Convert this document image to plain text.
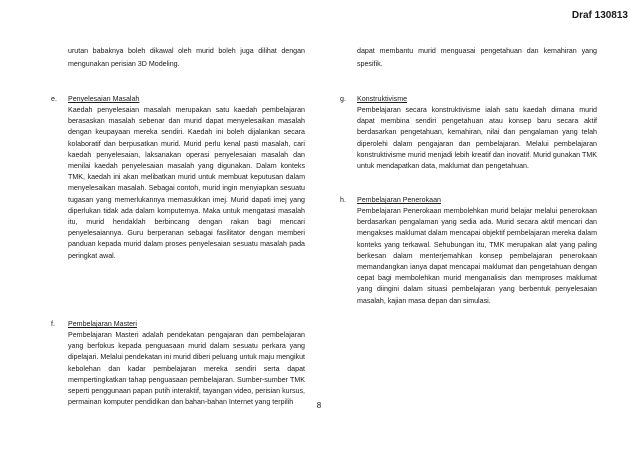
Draf 130813

urutan babaknya boleh dikawal oleh murid boleh juga dilihat dengan mengunakan perisian 3D Modeling.

dapat membantu murid menguasai pengetahuan dan kemahiran yang spesifik.

e. Penyelesaian Masalah
Kaedah penyelesaian masalah merupakan satu kaedah pembelajaran berasaskan masalah sebenar dan murid dapat menyelesaikan masalah dengan keupayaan mereka sendiri. Kaedah ini boleh dijalankan secara kolaboratif dan berpusatkan murid. Murid perlu kenal pasti masalah, cari kaedah penyelesaian, laksanakan operasi penyelesaian masalah dan menilai kaedah penyelesaian masalah yang digunakan. Dalam konteks TMK, kaedah ini akan melibatkan murid untuk membuat keputusan dalam menyelesaikan masalah. Sebagai contoh, murid ingin menyiapkan sesuatu tugasan yang memerlukannya memasukkan imej. Murid dapati imej yang diperlukan tidak ada dalam komputernya. Maka untuk mengatasi masalah itu, murid hendaklah berbincang dengan rakan bagi mencari penyelesaiannya. Guru berperanan sebagai fasilitator dengan memberi panduan kepada murid dalam proses penyelesaian sesuatu masalah pada peringkat awal.
f. Pembelajaran Masteri
Pembelajaran Masteri adalah pendekatan pengajaran dan pembelajaran yang berfokus kepada penguasaan murid dalam sesuatu perkara yang dipelajari. Melalui pendekatan ini murid diberi peluang untuk maju mengikut kebolehan dan kadar pembelajaran mereka sendiri serta dapat mempertingkatkan tahap penguasaan pembelajaran. Sumber-sumber TMK seperti penggunaan papan putih interaktif, tayangan video, perisian kursus, permainan komputer pendidikan dan bahan-bahan Internet yang terpilih
g. Konstruktivisme
Pembelajaran secara konstruktivisme ialah satu kaedah dimana murid dapat membina sendiri pengetahuan atau konsep baru secara aktif berdasarkan pengetahuan, kemahiran, nilai dan pengalaman yang telah diperolehi dalam pengajaran dan pembelajaran. Melalui pembelajaran konstruktivisme murid menjadi lebih kreatif dan inovatif. Murid gunakan TMK untuk mendapatkan data, maklumat dan pengetahuan.
h. Pembelajaran Penerokaan
Pembelajaran Penerokaan membolehkan murid belajar melalui penerokaan berdasarkan pengalaman yang sedia ada. Murid secara aktif mencari dan mengakses maklumat dalam mencapai objektif pembelajaran mereka dalam konteks yang terkawal. Sehubungan itu, TMK merupakan alat yang paling berkesan dalam menterjemahkan konsep pembelajaran penerokaan memandangkan ianya dapat mencapai maklumat dan pengetahuan dengan cepat bagi membolehkan murid menganalisis dan memproses maklumat yang diingini dalam situasi pembelajaran yang berbentuk penyelesaian masalah, kajian masa depan dan simulasi.
8
